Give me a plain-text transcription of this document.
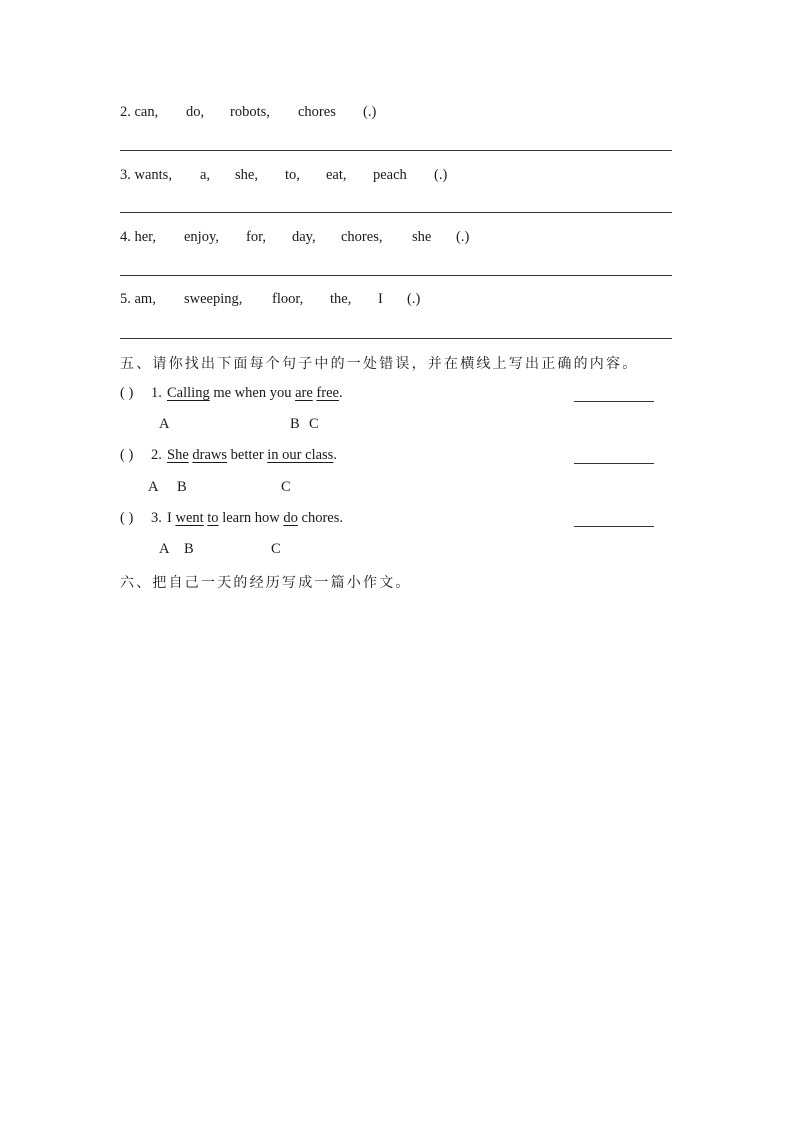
2. can, do, robots, chores (.)
3. wants, a, she, to, eat, peach (.)
4. her, enjoy, for, day, chores, she (.)
5. am, sweeping, floor, the, I (.)
五、请你找出下面每个句子中的一处错误，并在横线上写出正确的内容。
( ) 1. Calling me when you are free.
A	B C
( ) 2. She draws better in our class.
A B	C
( ) 3. I went to learn how do chores.
A B	C
六、把自己一天的经历写成一篇小作文。
